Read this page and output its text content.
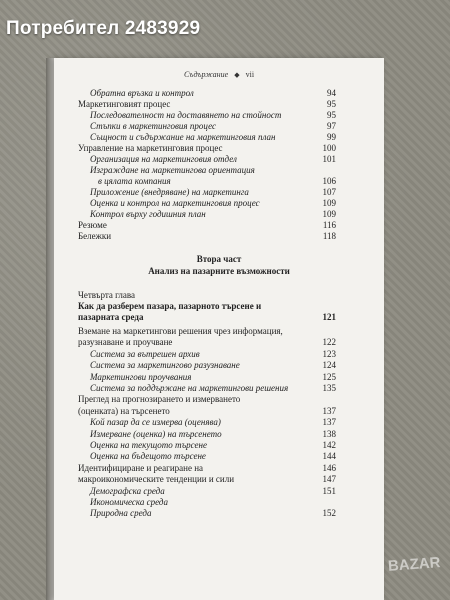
Съдържание ◆ vii
Обратна връзка и контрол	94
Маркетинговият процес	95
Последователност на доставянето на стойност	95
Стъпки в маркетинговия процес	97
Същност и съдържание на маркетинговия план	99
Управление на маркетинговия процес	100
Организация на маркетинговия отдел	101
Изграждане на маркетингова ориентация
в цялата компания	106
Приложение (внедряване) на маркетинга	107
Оценка и контрол на маркетинговия процес	109
Контрол върху годишния план	109
Резюме	116
Бележки	118
Втора част
Анализ на пазарните възможности
Четвърта глава
Как да разберем пазара, пазарното търсене и
пазарната среда	121
Вземане на маркетингови решения чрез информация,
разузнаване и проучване	122
Система за вътрешен архив	123
Система за маркетингово разузнаване	124
Маркетингови проучвания	125
Система за поддържане на маркетингови решения	135
Преглед на прогнозирането и измерването
(оценката) на търсенето	137
Кой пазар да се измерва (оценява)	137
Измерване (оценка) на търсенето	138
Оценка на текущото търсене	142
Оценка на бъдещото търсене	144
Идентифициране и реагиране на	146
макроикономическите тенденции и сили	147
Демографска среда	151
Икономическа среда
Природна среда	152
Потребител 2483929
BAZAR
